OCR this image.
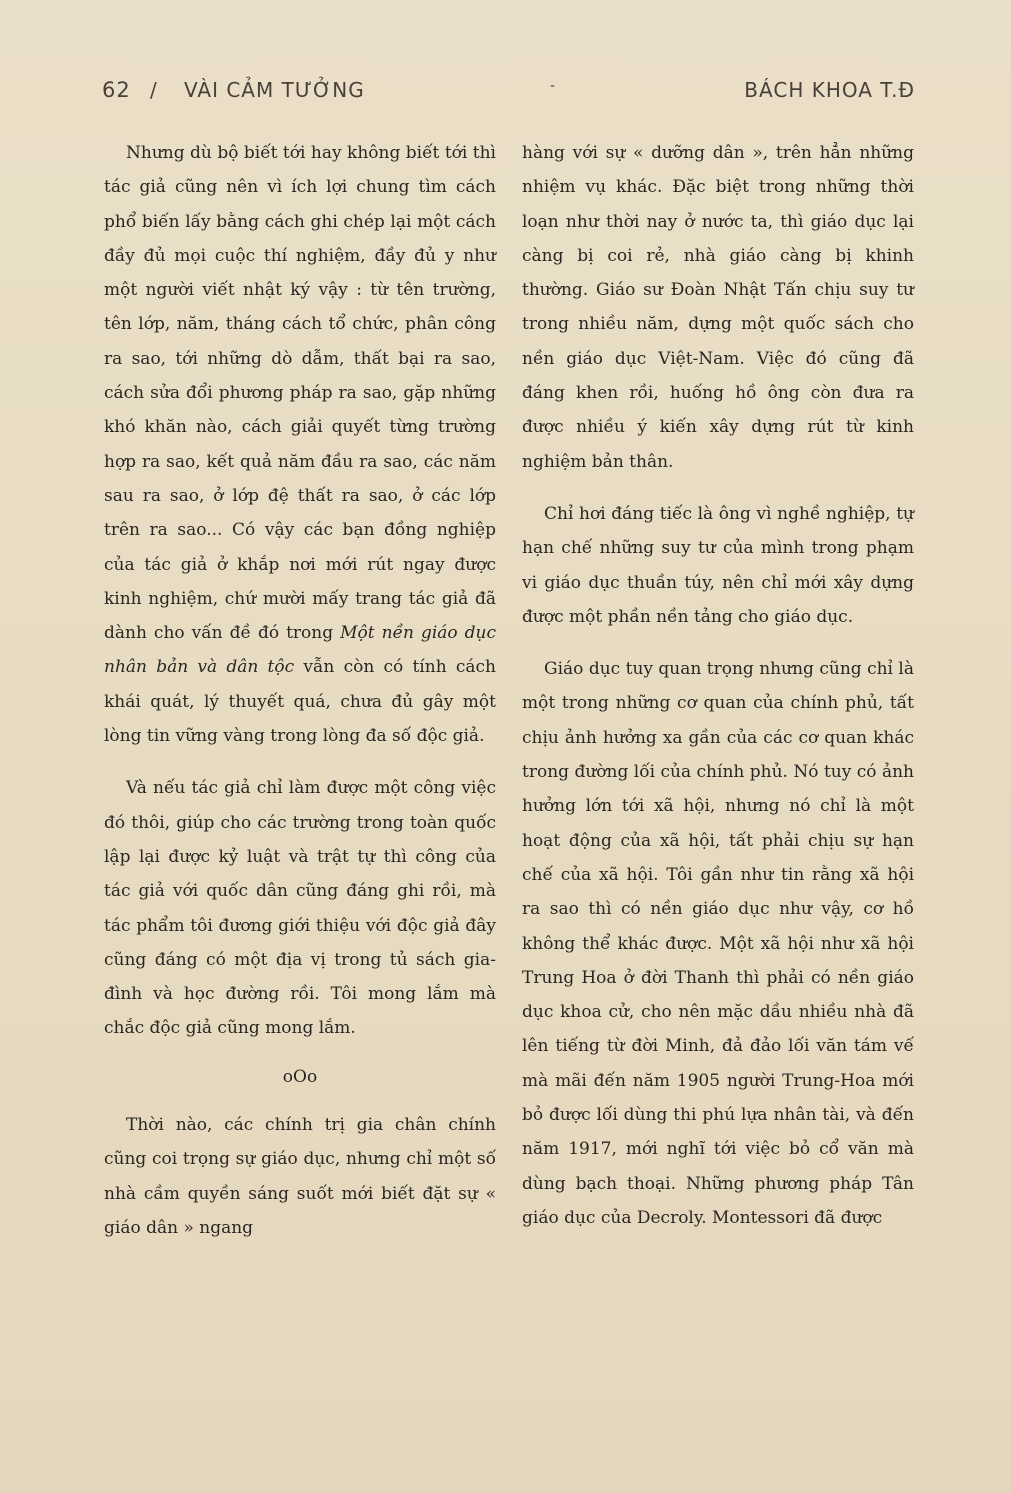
62 / VÀI CẢM TƯỞNG	-	BÁCH KHOA T.Đ

Nhưng dù bộ biết tới hay không biết tới thì tác giả cũng nên vì ích lợi chung tìm cách phổ biến lấy bằng cách ghi chép lại một cách đầy đủ mọi cuộc thí nghiệm, đầy đủ y như một người viết nhật ký vậy : từ tên trường, tên lớp, năm, tháng cách tổ chức, phân công ra sao, tới những dò dẫm, thất bại ra sao, cách sửa đổi phương pháp ra sao, gặp những khó khăn nào, cách giải quyết từng trường hợp ra sao, kết quả năm đầu ra sao, các năm sau ra sao, ở lớp đệ thất ra sao, ở các lớp trên ra sao... Có vậy các bạn đồng nghiệp của tác giả ở khắp nơi mới rút ngay được kinh nghiệm, chứ mười mấy trang tác giả đã dành cho vấn đề đó trong Một nền giáo dục nhân bản và dân tộc vẫn còn có tính cách khái quát, lý thuyết quá, chưa đủ gây một lòng tin vững vàng trong lòng đa số độc giả.

Và nếu tác giả chỉ làm được một công việc đó thôi, giúp cho các trường trong toàn quốc lập lại được kỷ luật và trật tự thì công của tác giả với quốc dân cũng đáng ghi rồi, mà tác phẩm tôi đương giới thiệu với độc giả đây cũng đáng có một địa vị trong tủ sách gia-đình và học đường rồi. Tôi mong lắm mà chắc độc giả cũng mong lắm.

oOo

Thời nào, các chính trị gia chân chính cũng coi trọng sự giáo dục, nhưng chỉ một số nhà cầm quyền sáng suốt mới biết đặt sự « giáo dân » ngang

hàng với sự « dưỡng dân », trên hẳn những nhiệm vụ khác. Đặc biệt trong những thời loạn như thời nay ở nước ta, thì giáo dục lại càng bị coi rẻ, nhà giáo càng bị khinh thường. Giáo sư Đoàn Nhật Tấn chịu suy tư trong nhiều năm, dựng một quốc sách cho nền giáo dục Việt-Nam. Việc đó cũng đã đáng khen rồi, huống hồ ông còn đưa ra được nhiều ý kiến xây dựng rút từ kinh nghiệm bản thân.

Chỉ hơi đáng tiếc là ông vì nghề nghiệp, tự hạn chế những suy tư của mình trong phạm vi giáo dục thuần túy, nên chỉ mới xây dựng được một phần nền tảng cho giáo dục.

Giáo dục tuy quan trọng nhưng cũng chỉ là một trong những cơ quan của chính phủ, tất chịu ảnh hưởng xa gần của các cơ quan khác trong đường lối của chính phủ. Nó tuy có ảnh hưởng lớn tới xã hội, nhưng nó chỉ là một hoạt động của xã hội, tất phải chịu sự hạn chế của xã hội. Tôi gần như tin rằng xã hội ra sao thì có nền giáo dục như vậy, cơ hồ không thể khác được. Một xã hội như xã hội Trung Hoa ở đời Thanh thì phải có nền giáo dục khoa cử, cho nên mặc dầu nhiều nhà đã lên tiếng từ đời Minh, đả đảo lối văn tám vế mà mãi đến năm 1905 người Trung-Hoa mới bỏ được lối dùng thi phú lựa nhân tài, và đến năm 1917, mới nghĩ tới việc bỏ cổ văn mà dùng bạch thoại. Những phương pháp Tân giáo dục của Decroly. Montessori đã được
